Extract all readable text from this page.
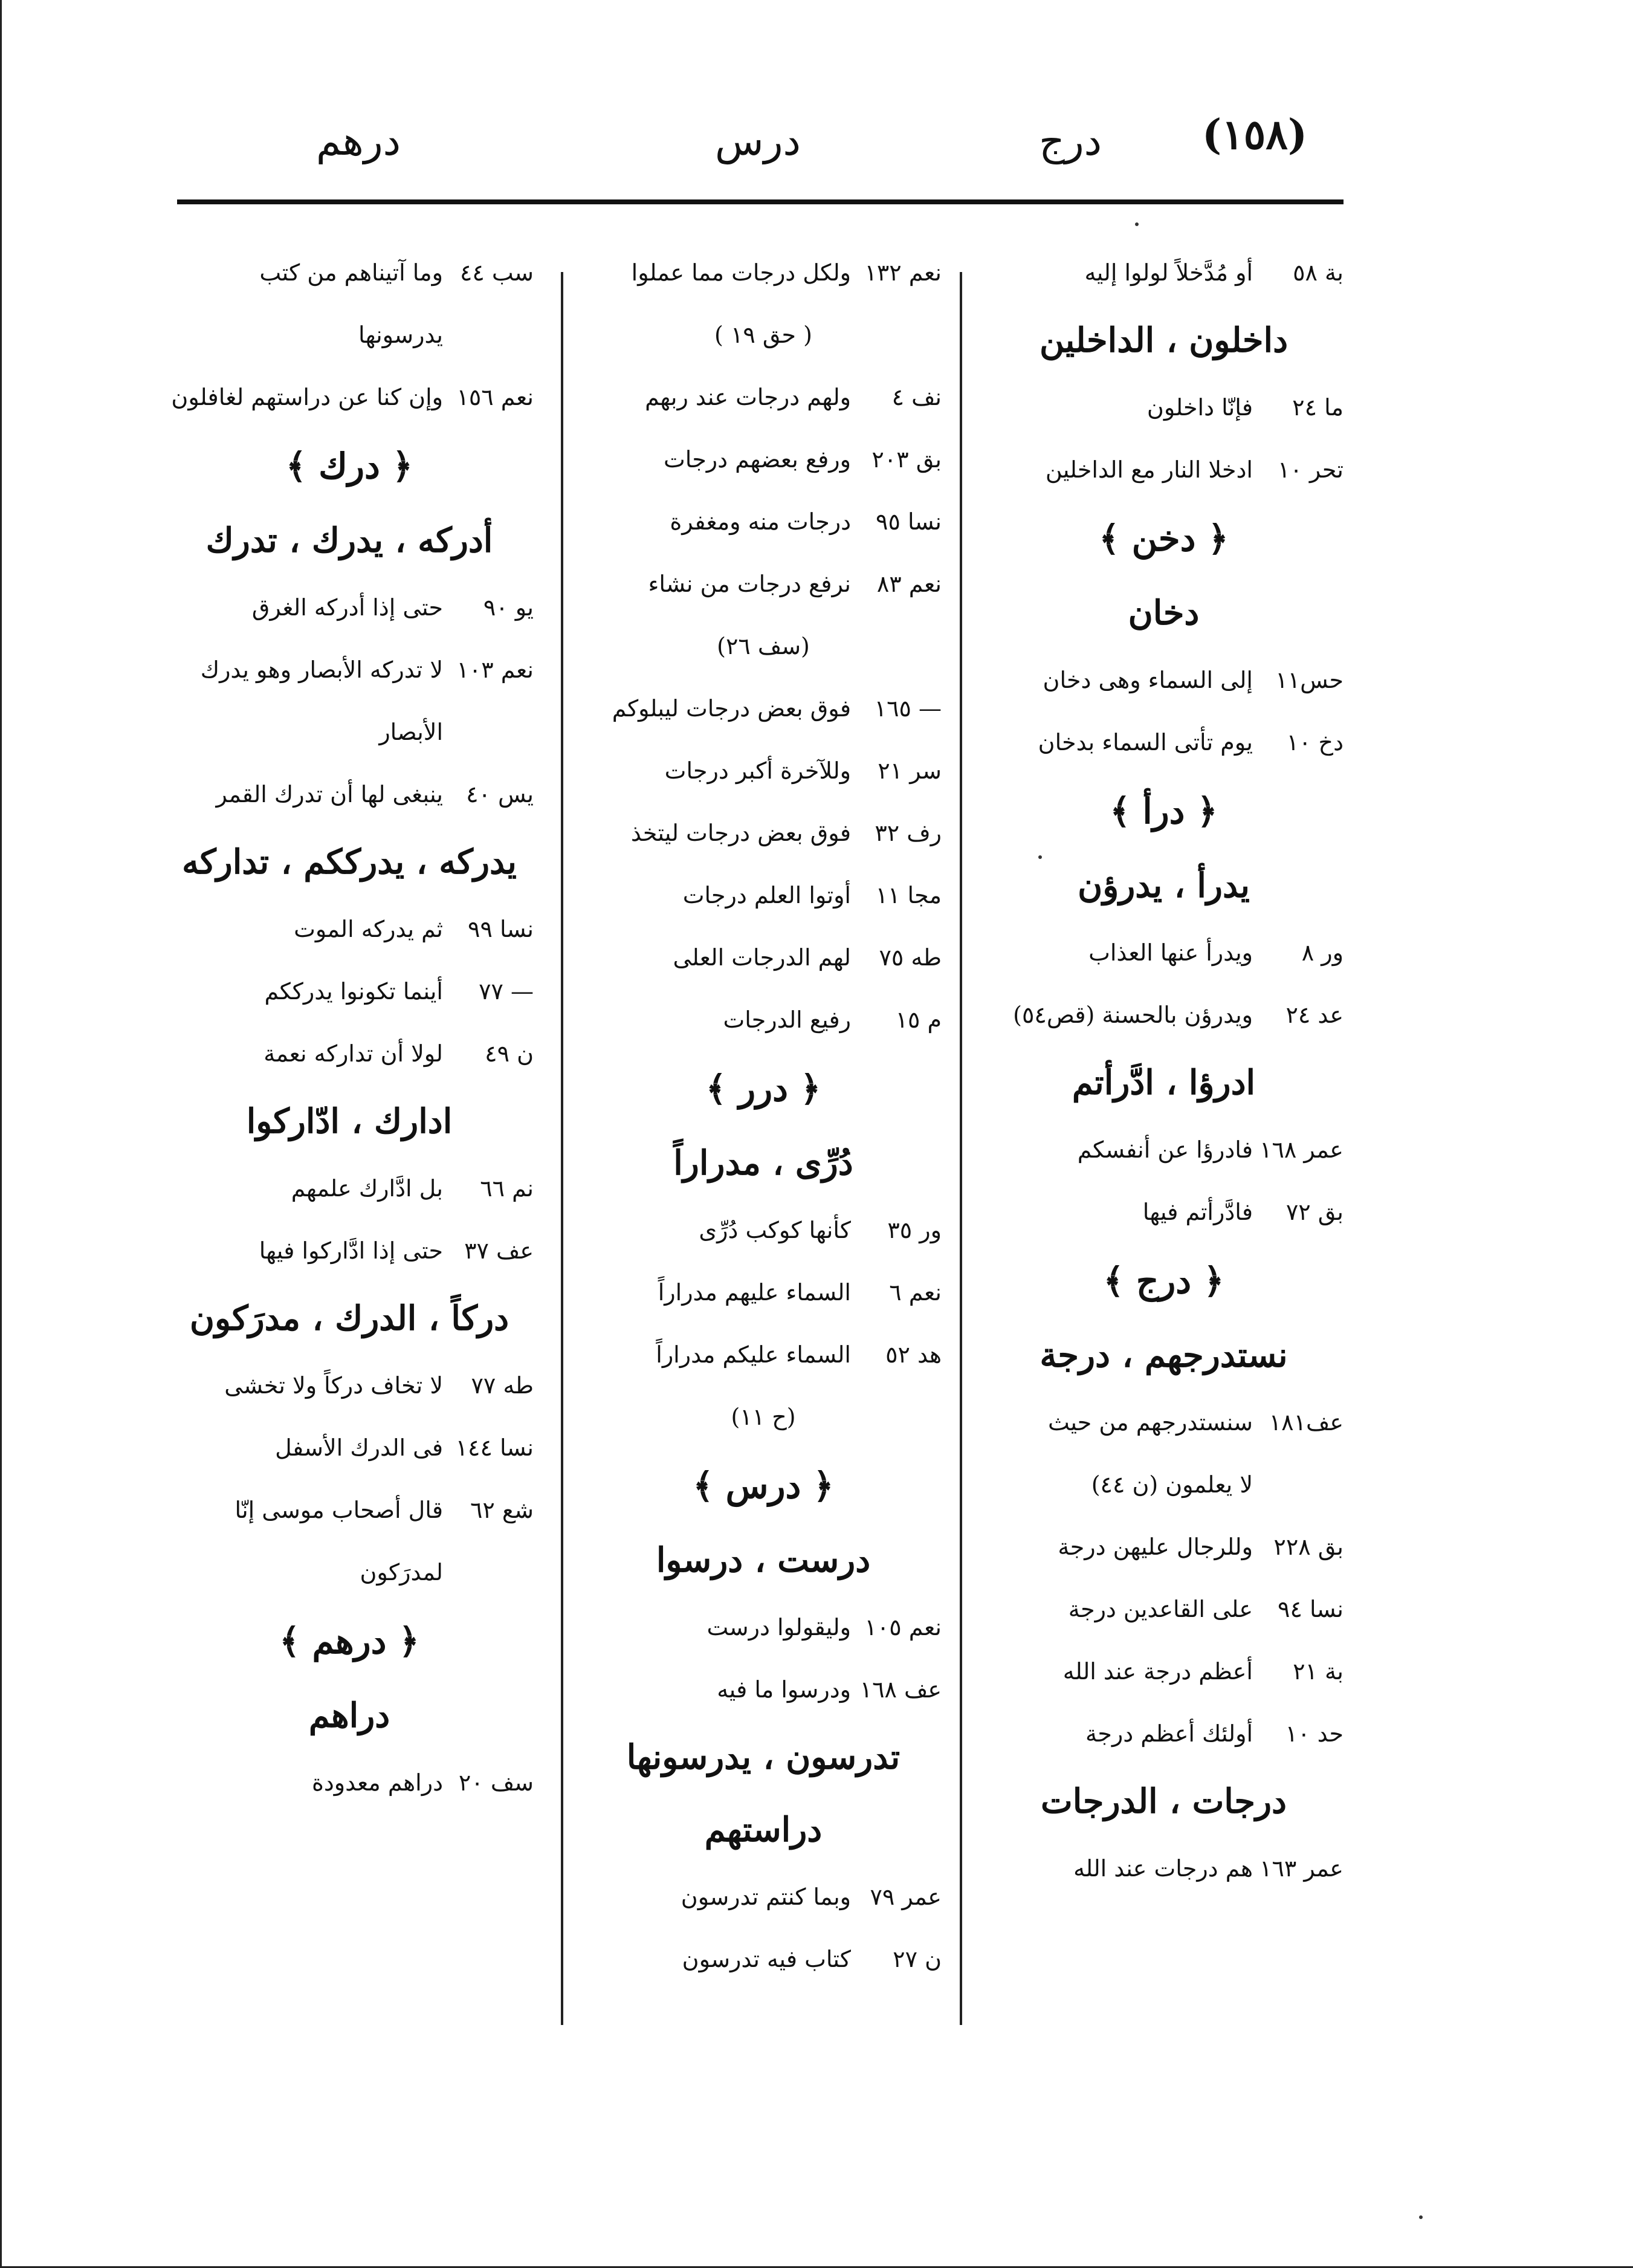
(١٥٨)
درج
درس
درهم
بة ٥٨أو مُدَّخلاً لولوا إليه
داخلون ، الداخلين
ما ٢٤فإنّا داخلون
تحر ١٠ادخلا النار مع الداخلين
﴿ دخن ﴾
دخان
حس١١إلى السماء وهى دخان
دخ ١٠يوم تأتى السماء بدخان
﴿ درأ ﴾
يدرأ ، يدرؤن
ور ٨ويدرأ عنها العذاب
عد ٢٤ويدرؤن بالحسنة (قص٥٤)
ادرؤا ، ادَّرأتم
عمر ١٦٨فادرؤا عن أنفسكم
بق ٧٢فادَّرأتم فيها
﴿ درج ﴾
نستدرجهم ، درجة
عف١٨١سنستدرجهم من حيث
لا يعلمون (ن ٤٤)
بق ٢٢٨وللرجال عليهن درجة
نسا ٩٤على القاعدين درجة
بة ٢١أعظم درجة عند الله
حد ١٠أولئك أعظم درجة
درجات ، الدرجات
عمر ١٦٣هم درجات عند الله
نعم ١٣٢ولكل درجات مما عملوا
( حق ١٩ )
نف ٤ولهم درجات عند ربهم
بق ٢٠٣ورفع بعضهم درجات
نسا ٩٥درجات منه ومغفرة
نعم ٨٣نرفع درجات من نشاء
(سف ٢٦)
— ١٦٥فوق بعض درجات ليبلوكم
سر ٢١وللآخرة أكبر درجات
رف ٣٢فوق بعض درجات ليتخذ
مجا ١١أوتوا العلم درجات
طه ٧٥لهم الدرجات العلى
م ١٥رفيع الدرجات
﴿ درر ﴾
دُرِّى ، مدراراً
ور ٣٥كأنها كوكب دُرِّى
نعم ٦السماء عليهم مدراراً
هد ٥٢السماء عليكم مدراراً
(ح ١١)
﴿ درس ﴾
درست ، درسوا
نعم ١٠٥وليقولوا درست
عف ١٦٨ودرسوا ما فيه
تدرسون ، يدرسونها
دراستهم
عمر ٧٩وبما كنتم تدرسون
ن ٢٧كتاب فيه تدرسون
سب ٤٤وما آتيناهم من كتب
يدرسونها
نعم ١٥٦وإن كنا عن دراستهم لغافلون
﴿ درك ﴾
أدركه ، يدرك ، تدرك
يو ٩٠حتى إذا أدركه الغرق
نعم ١٠٣لا تدركه الأبصار وهو يدرك
الأبصار
يس ٤٠ينبغى لها أن تدرك القمر
يدركه ، يدرككم ، تداركه
نسا ٩٩ثم يدركه الموت
— ٧٧أينما تكونوا يدرككم
ن ٤٩لولا أن تداركه نعمة
ادارك ، ادّاركوا
نم ٦٦بل ادَّارك علمهم
عف ٣٧حتى إذا ادَّاركوا فيها
دركاً ، الدرك ، مدرَكون
طه ٧٧لا تخاف دركاً ولا تخشى
نسا ١٤٤فى الدرك الأسفل
شع ٦٢قال أصحاب موسى إنّا
لمدرَكون
﴿ درهم ﴾
دراهم
سف ٢٠دراهم معدودة
